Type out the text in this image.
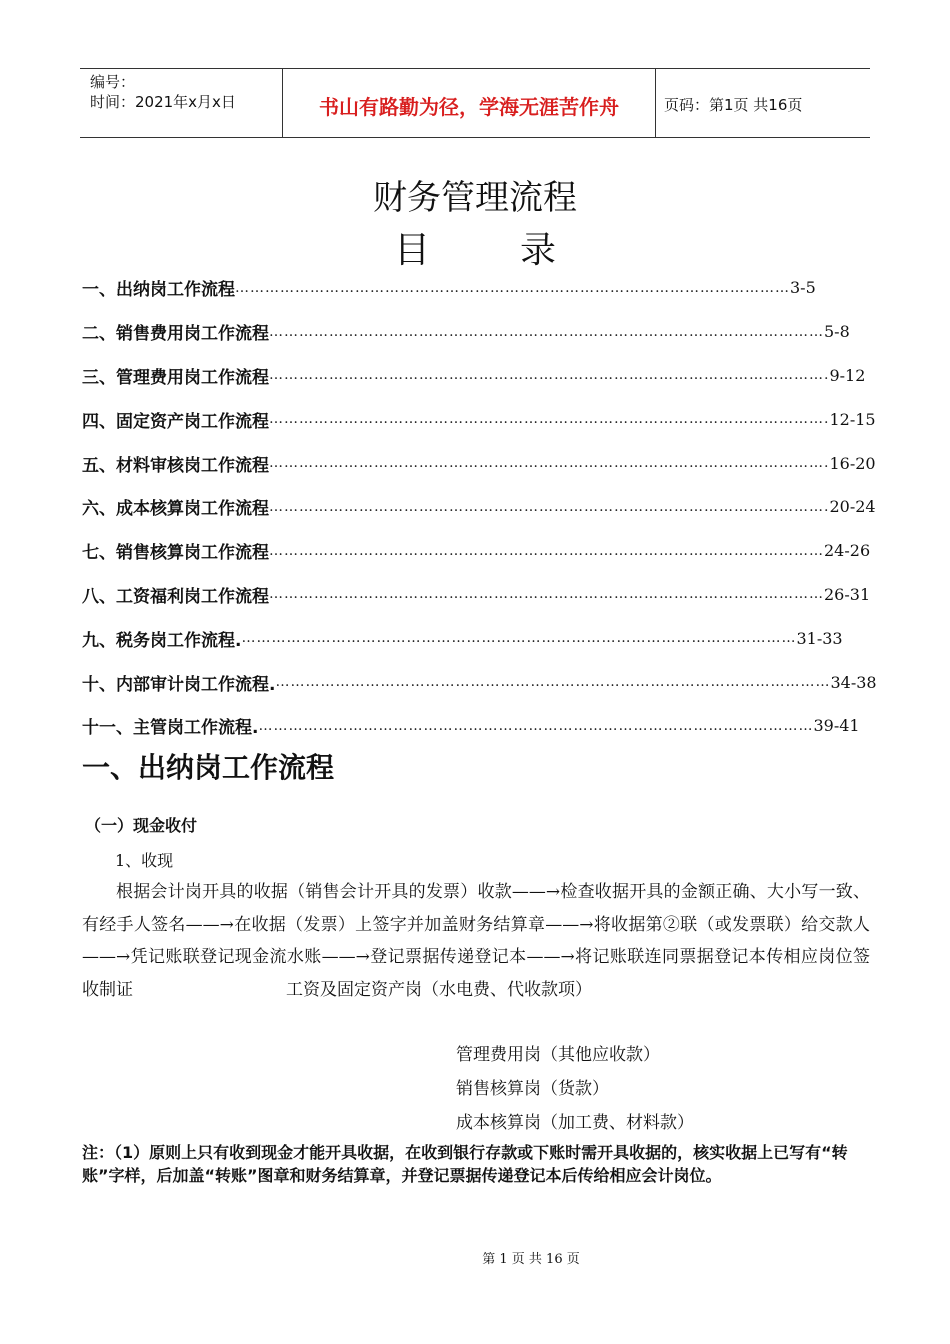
编号：
时间：2021年x月x日	书山有路勤为径，学海无涯苦作舟	页码：第1页 共16页
财务管理流程
目录
一、出纳岗工作流程 ………………………………………………………………………………………………… 3-5
二、销售费用岗工作流程 ………………………………………………………………………………………………… 5-8
三、管理费用岗工作流程 …………………………………………………………………………………………………. 9-12
四、固定资产岗工作流程 …………………………………………………………………………………………………. 12-15
五、材料审核岗工作流程 …………………………………………………………………………………………………. 16-20
六、成本核算岗工作流程 …………………………………………………………………………………………………. 20-24
七、销售核算岗工作流程 ………………………………………………………………………………………………… 24-26
八、工资福利岗工作流程 ………………………………………………………………………………………………… 26-31
九、税务岗工作流程. ………………………………………………………………………………………………… 31-33
十、内部审计岗工作流程. ………………………………………………………………………………………………… 34-38
十一、主管岗工作流程. ………………………………………………………………………………………………… 39-41
一、出纳岗工作流程
（一）现金收付
1、收现
根据会计岗开具的收据（销售会计开具的发票）收款——→检查收据开具的金额正确、大小写一致、有经手人签名——→在收据（发票）上签字并加盖财务结算章——→将收据第②联（或发票联）给交款人——→凭记账联登记现金流水账——→登记票据传递登记本——→将记账联连同票据登记本传相应岗位签收制证　　　　　　　　　工资及固定资产岗（水电费、代收款项）
管理费用岗（其他应收款）
销售核算岗（货款）
成本核算岗（加工费、材料款）
注：（1）原则上只有收到现金才能开具收据，在收到银行存款或下账时需开具收据的，核实收据上已写有“转账”字样，后加盖“转账”图章和财务结算章，并登记票据传递登记本后传给相应会计岗位。
第 1 页 共 16 页
